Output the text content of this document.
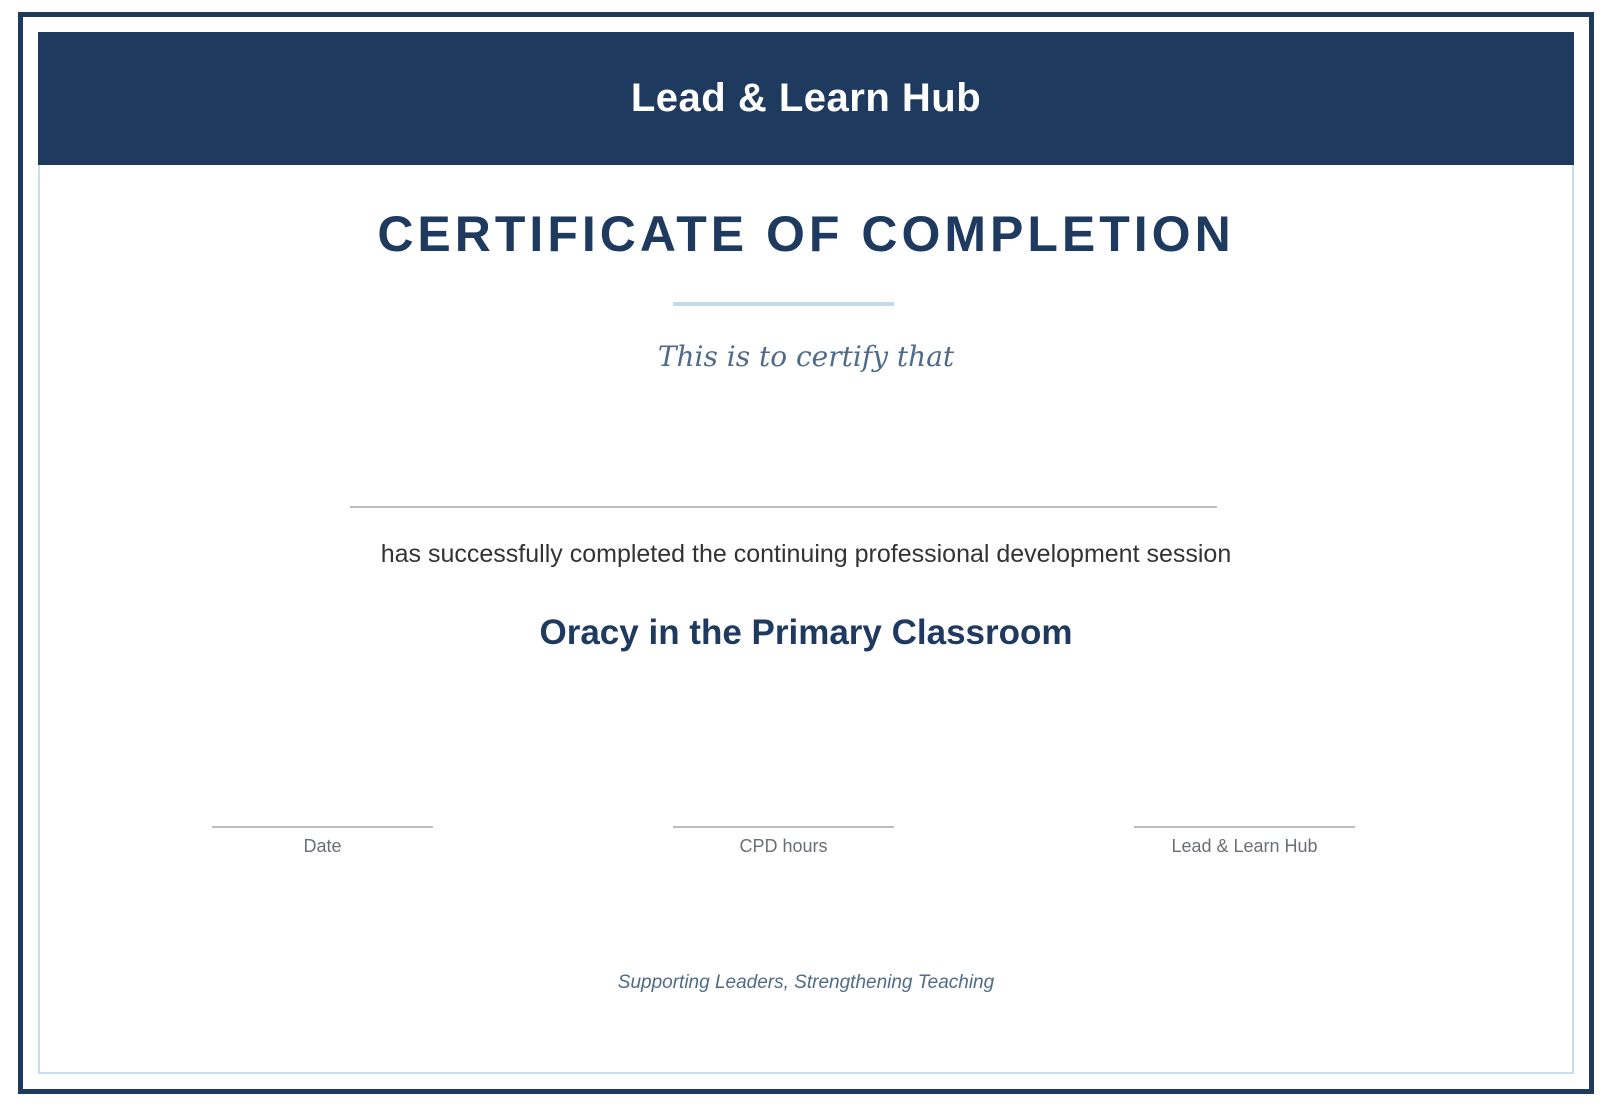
Lead & Learn Hub
CERTIFICATE OF COMPLETION
This is to certify that
has successfully completed the continuing professional development session
Oracy in the Primary Classroom
Date	CPD hours	Lead & Learn Hub
Supporting Leaders, Strengthening Teaching
